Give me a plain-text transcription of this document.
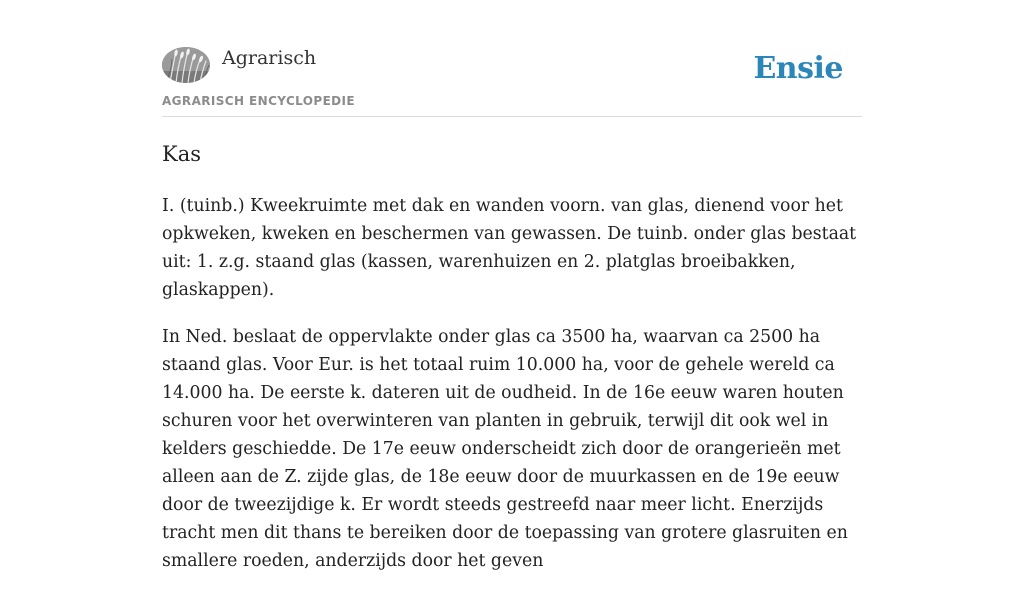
Agrarisch
AGRARISCH ENCYCLOPEDIE
Ensie
Kas

I. (tuinb.) Kweekruimte met dak en wanden voorn. van glas, dienend voor het opkweken, kweken en beschermen van gewassen. De tuinb. onder glas bestaat uit: 1. z.g. staand glas (kassen, warenhuizen en 2. platglas broeibakken, glaskappen).

In Ned. beslaat de oppervlakte onder glas ca 3500 ha, waarvan ca 2500 ha staand glas. Voor Eur. is het totaal ruim 10.000 ha, voor de gehele wereld ca 14.000 ha. De eerste k. dateren uit de oudheid. In de 16e eeuw waren houten schuren voor het overwinteren van planten in gebruik, terwijl dit ook wel in kelders geschiedde. De 17e eeuw onderscheidt zich door de orangerieën met alleen aan de Z. zijde glas, de 18e eeuw door de muurkassen en de 19e eeuw door de tweezijdige k. Er wordt steeds gestreefd naar meer licht. Enerzijds tracht men dit thans te bereiken door de toepassing van grotere glasruiten en smallere roeden, anderzijds door het geven
